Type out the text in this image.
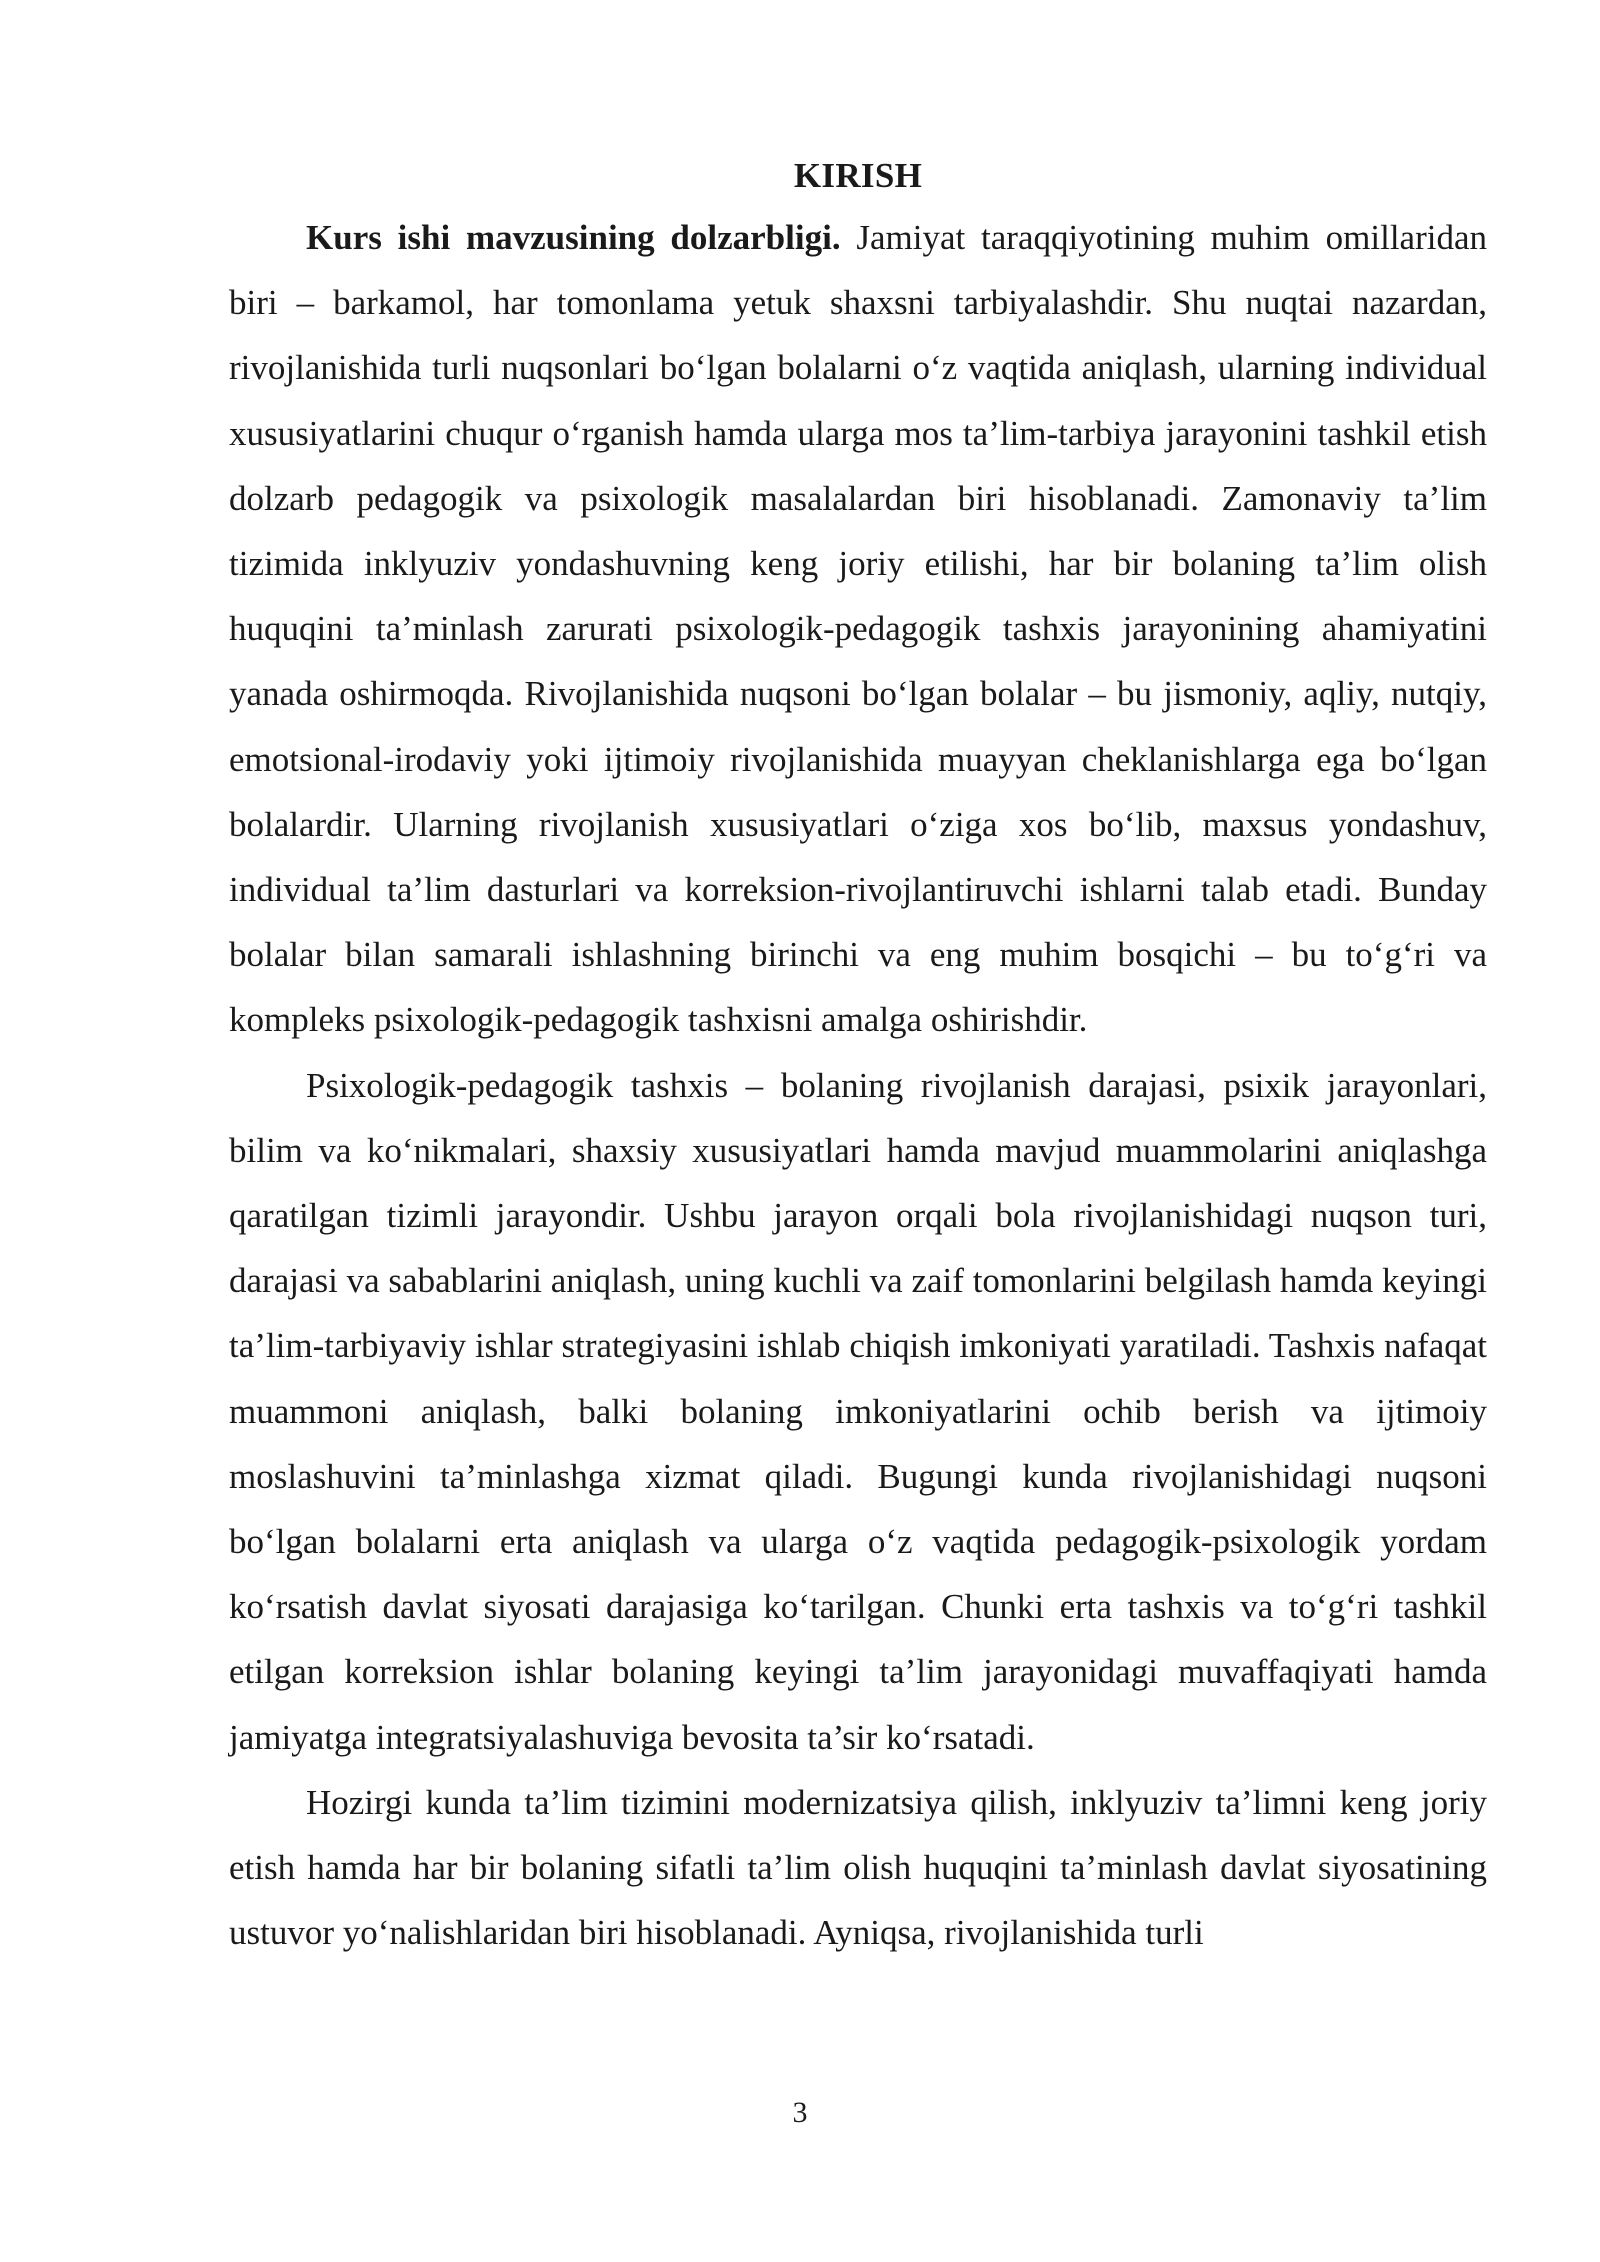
KIRISH

Kurs ishi mavzusining dolzarbligi. Jamiyat taraqqiyotining muhim omillaridan biri – barkamol, har tomonlama yetuk shaxsni tarbiyalashdir. Shu nuqtai nazardan, rivojlanishida turli nuqsonlari bo‘lgan bolalarni o‘z vaqtida aniqlash, ularning individual xususiyatlarini chuqur o‘rganish hamda ularga mos ta’lim-tarbiya jarayonini tashkil etish dolzarb pedagogik va psixologik masalalardan biri hisoblanadi. Zamonaviy ta’lim tizimida inklyuziv yondashuvning keng joriy etilishi, har bir bolaning ta’lim olish huquqini ta’minlash zarurati psixologik-pedagogik tashxis jarayonining ahamiyatini yanada oshirmoqda. Rivojlanishida nuqsoni bo‘lgan bolalar – bu jismoniy, aqliy, nutqiy, emotsional-irodaviy yoki ijtimoiy rivojlanishida muayyan cheklanishlarga ega bo‘lgan bolalardir. Ularning rivojlanish xususiyatlari o‘ziga xos bo‘lib, maxsus yondashuv, individual ta’lim dasturlari va korreksion-rivojlantiruvchi ishlarni talab etadi. Bunday bolalar bilan samarali ishlashning birinchi va eng muhim bosqichi – bu to‘g‘ri va kompleks psixologik-pedagogik tashxisni amalga oshirishdir.

Psixologik-pedagogik tashxis – bolaning rivojlanish darajasi, psixik jarayonlari, bilim va ko‘nikmalari, shaxsiy xususiyatlari hamda mavjud muammolarini aniqlashga qaratilgan tizimli jarayondir. Ushbu jarayon orqali bola rivojlanishidagi nuqson turi, darajasi va sabablarini aniqlash, uning kuchli va zaif tomonlarini belgilash hamda keyingi ta’lim-tarbiyaviy ishlar strategiyasini ishlab chiqish imkoniyati yaratiladi. Tashxis nafaqat muammoni aniqlash, balki bolaning imkoniyatlarini ochib berish va ijtimoiy moslashuvini ta’minlashga xizmat qiladi. Bugungi kunda rivojlanishidagi nuqsoni bo‘lgan bolalarni erta aniqlash va ularga o‘z vaqtida pedagogik-psixologik yordam ko‘rsatish davlat siyosati darajasiga ko‘tarilgan. Chunki erta tashxis va to‘g‘ri tashkil etilgan korreksion ishlar bolaning keyingi ta’lim jarayonidagi muvaffaqiyati hamda jamiyatga integratsiyalashuviga bevosita ta’sir ko‘rsatadi.

Hozirgi kunda ta’lim tizimini modernizatsiya qilish, inklyuziv ta’limni keng joriy etish hamda har bir bolaning sifatli ta’lim olish huquqini ta’minlash davlat siyosatining ustuvor yo‘nalishlaridan biri hisoblanadi. Ayniqsa, rivojlanishida turli

3
